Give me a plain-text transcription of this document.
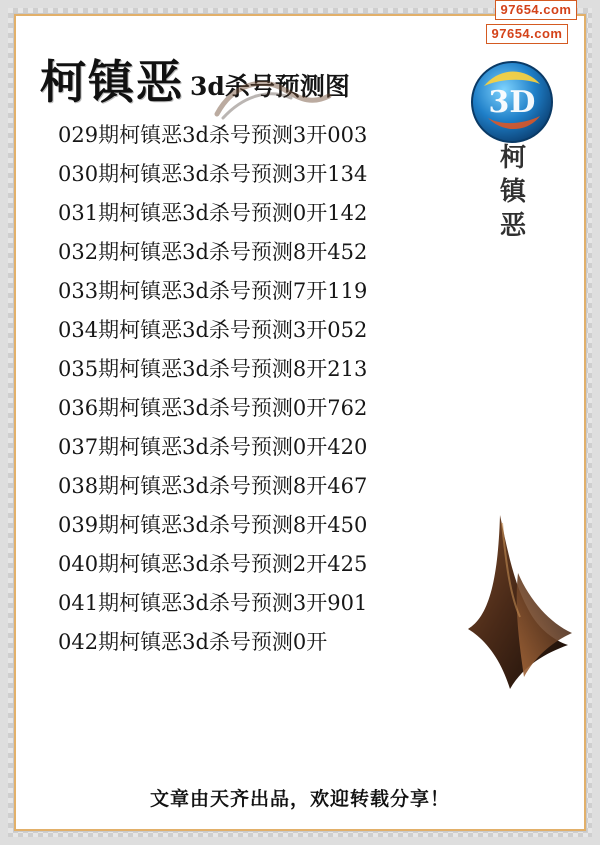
柯镇恶 3d杀号预测图	3D
柯
镇
恶
029期柯镇恶3d杀号预测3开003
030期柯镇恶3d杀号预测3开134
031期柯镇恶3d杀号预测0开142
032期柯镇恶3d杀号预测8开452
033期柯镇恶3d杀号预测7开119
034期柯镇恶3d杀号预测3开052
035期柯镇恶3d杀号预测8开213
036期柯镇恶3d杀号预测0开762
037期柯镇恶3d杀号预测0开420
038期柯镇恶3d杀号预测8开467
039期柯镇恶3d杀号预测8开450
040期柯镇恶3d杀号预测2开425
041期柯镇恶3d杀号预测3开901
042期柯镇恶3d杀号预测0开
文章由天齐出品，欢迎转载分享！
97654.com
97654.com
